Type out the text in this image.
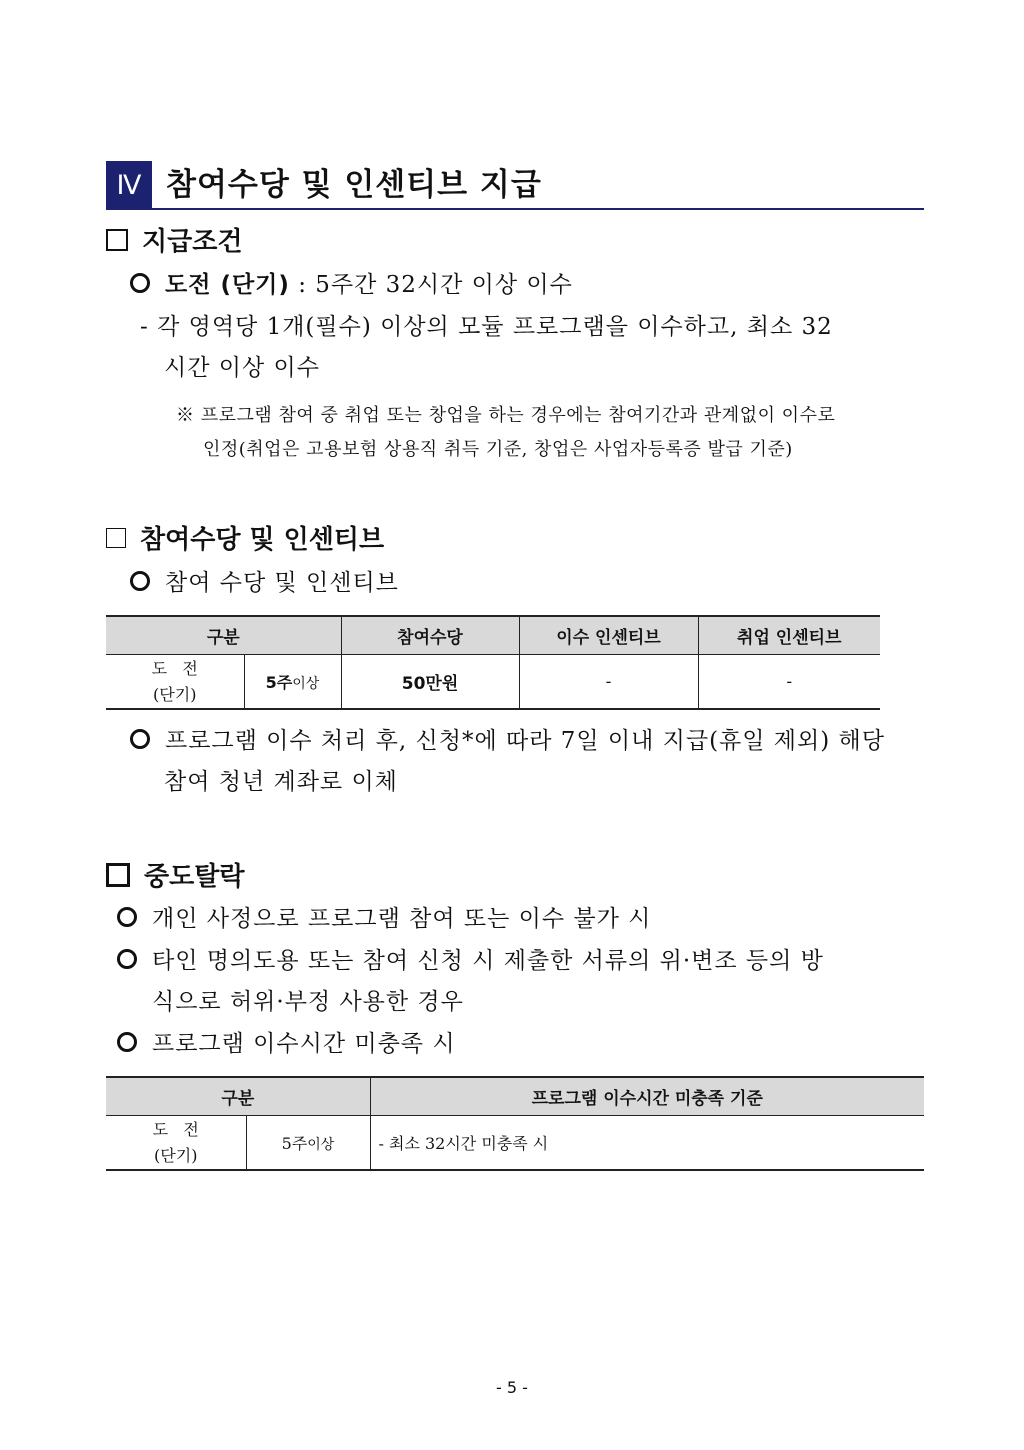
Ⅳ 참여수당 및 인센티브 지급
지급조건
도전 (단기) : 5주간 32시간 이상 이수
- 각 영역당 1개(필수) 이상의 모듈 프로그램을 이수하고, 최소 32
시간 이상 이수
※ 프로그램 참여 중 취업 또는 창업을 하는 경우에는 참여기간과 관계없이 이수로
인정(취업은 고용보험 상용직 취득 기준, 창업은 사업자등록증 발급 기준)
참여수당 및 인센티브
참여 수당 및 인센티브
구분		참여수당	이수 인센티브	취업 인센티브

도   전
(단기)	5주이상	50만원	-	-
프로그램 이수 처리 후, 신청*에 따라 7일 이내 지급(휴일 제외) 해당
참여 청년 계좌로 이체
중도탈락
개인 사정으로 프로그램 참여 또는 이수 불가 시
타인 명의도용 또는 참여 신청 시 제출한 서류의 위·변조 등의 방
식으로 허위·부정 사용한 경우
프로그램 이수시간 미충족 시
구분		프로그램 이수시간 미충족 기준

도   전
(단기)	5주이상	- 최소 32시간 미충족 시
- 5 -
